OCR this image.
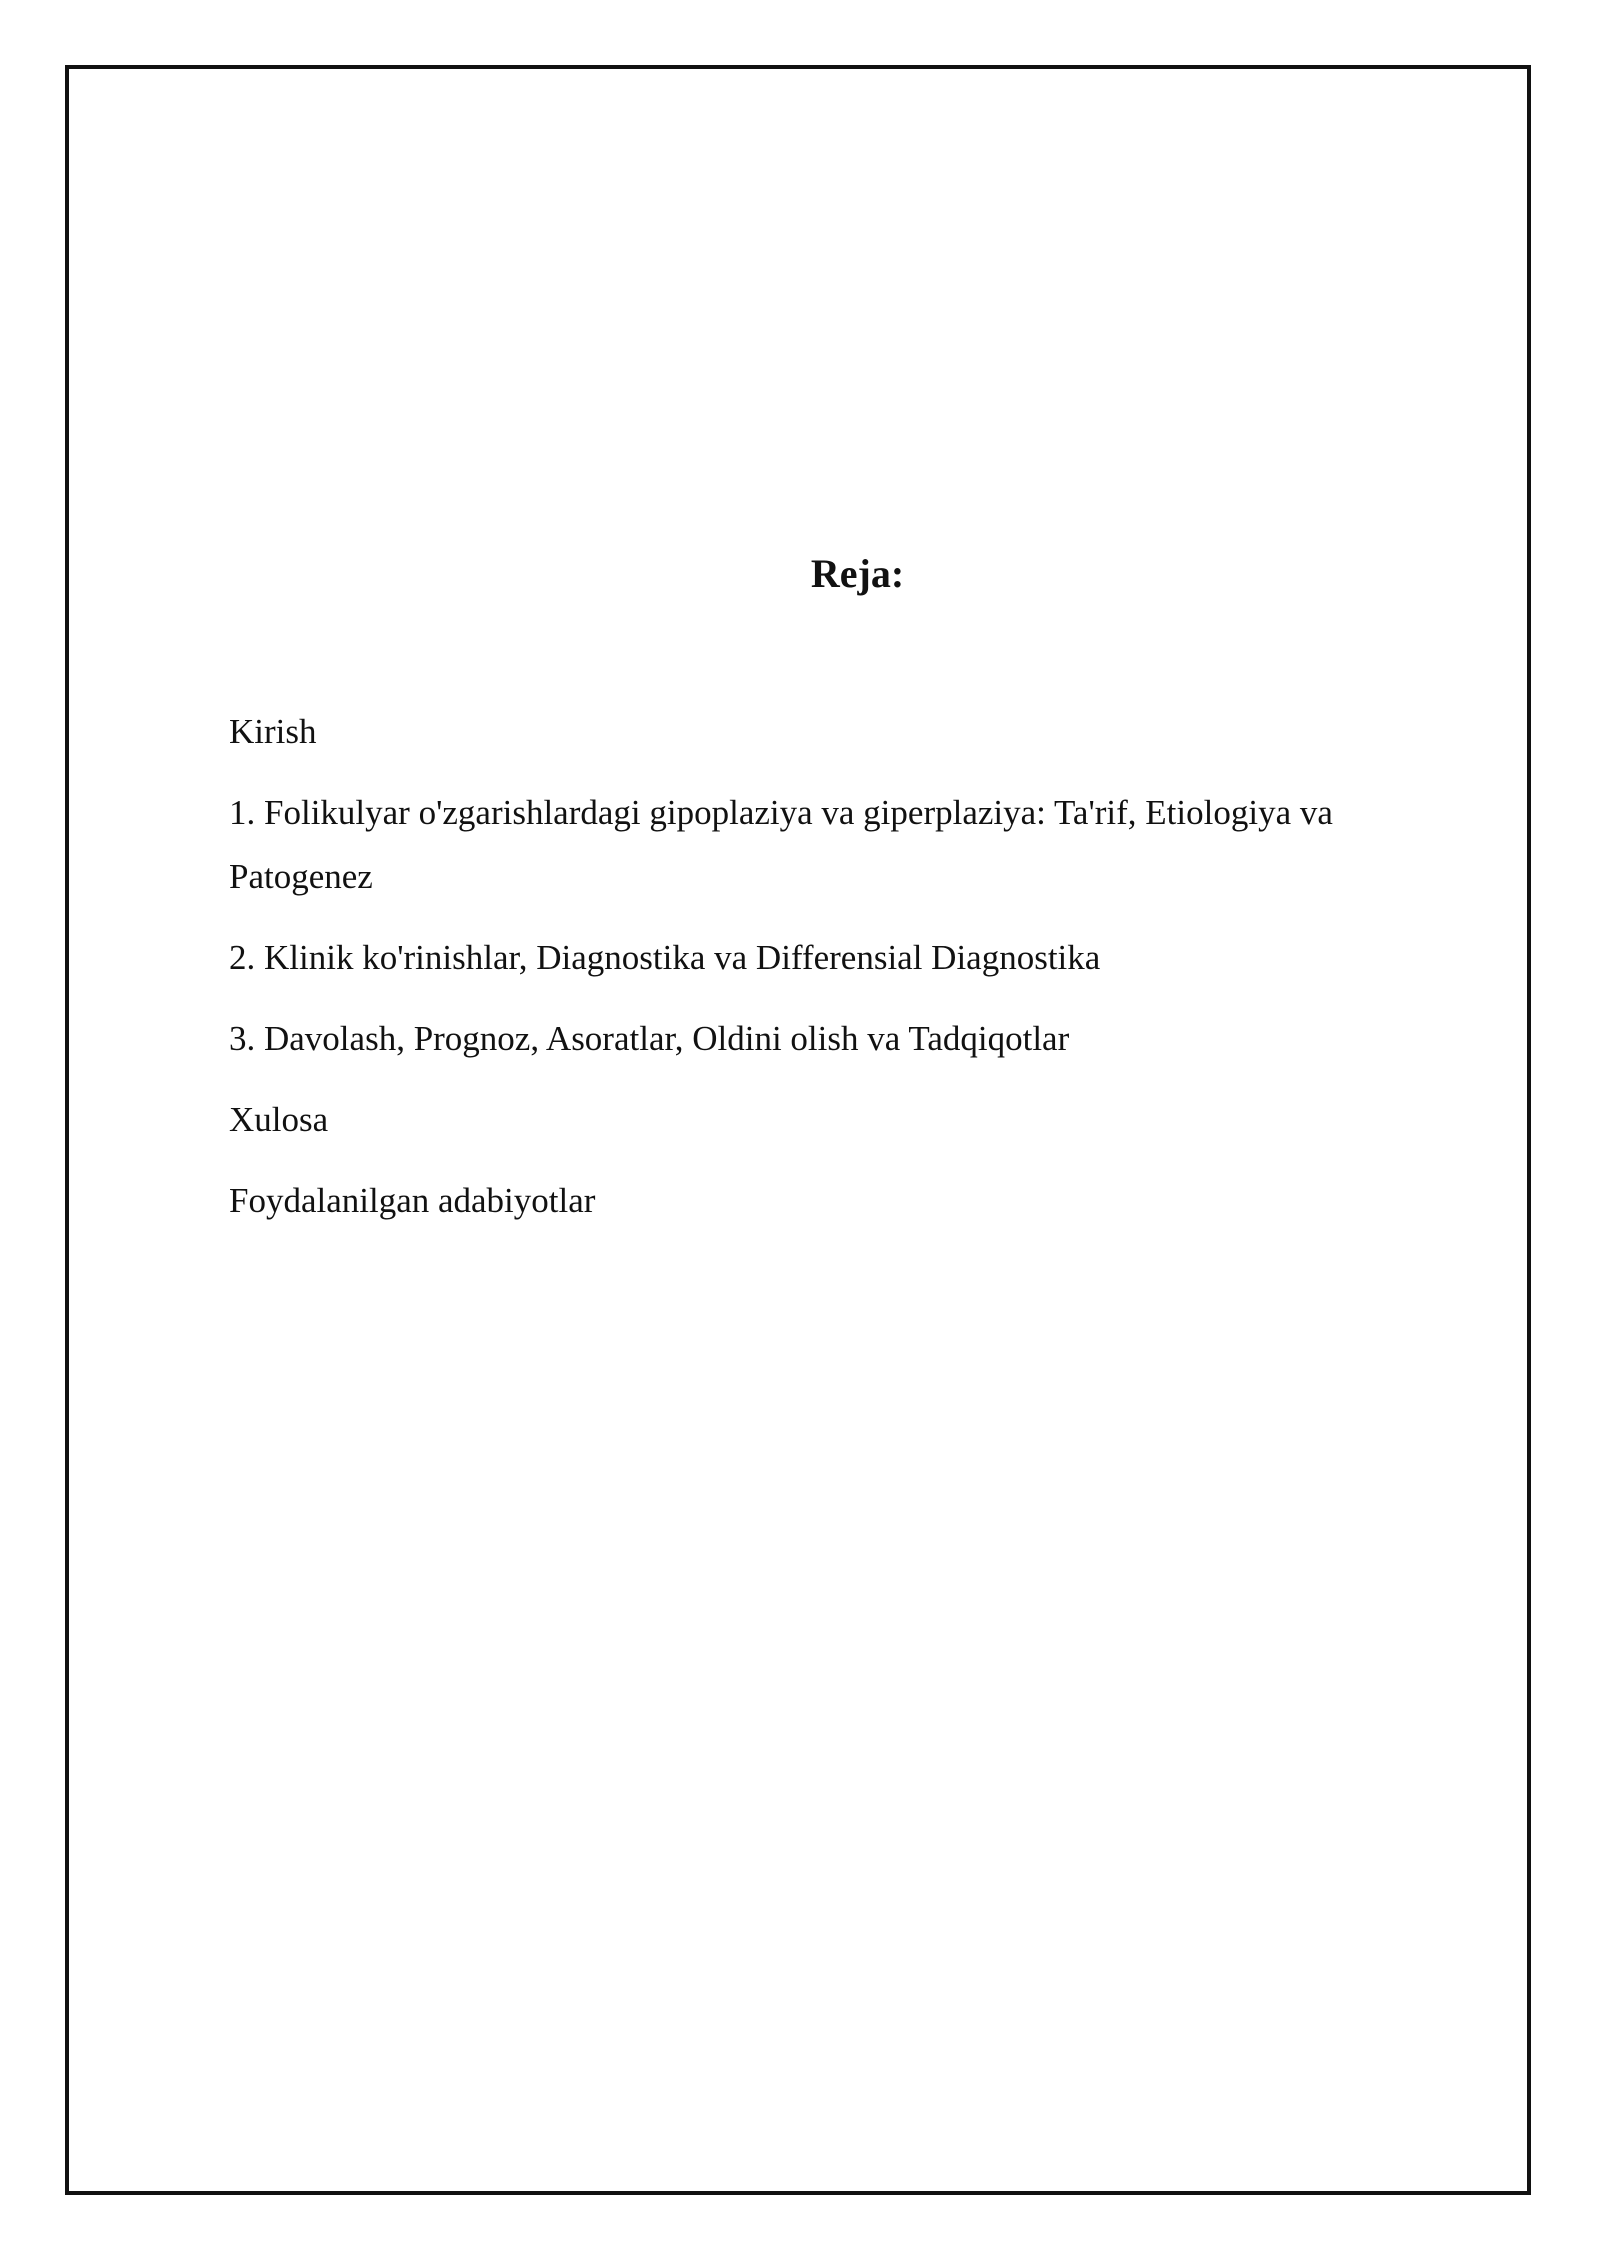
Reja:
Kirish
1. Folikulyar o'zgarishlardagi gipoplaziya va giperplaziya: Ta'rif, Etiologiya va Patogenez
2. Klinik ko'rinishlar, Diagnostika va Differensial Diagnostika
3. Davolash, Prognoz, Asoratlar, Oldini olish va Tadqiqotlar
Xulosa
Foydalanilgan adabiyotlar
